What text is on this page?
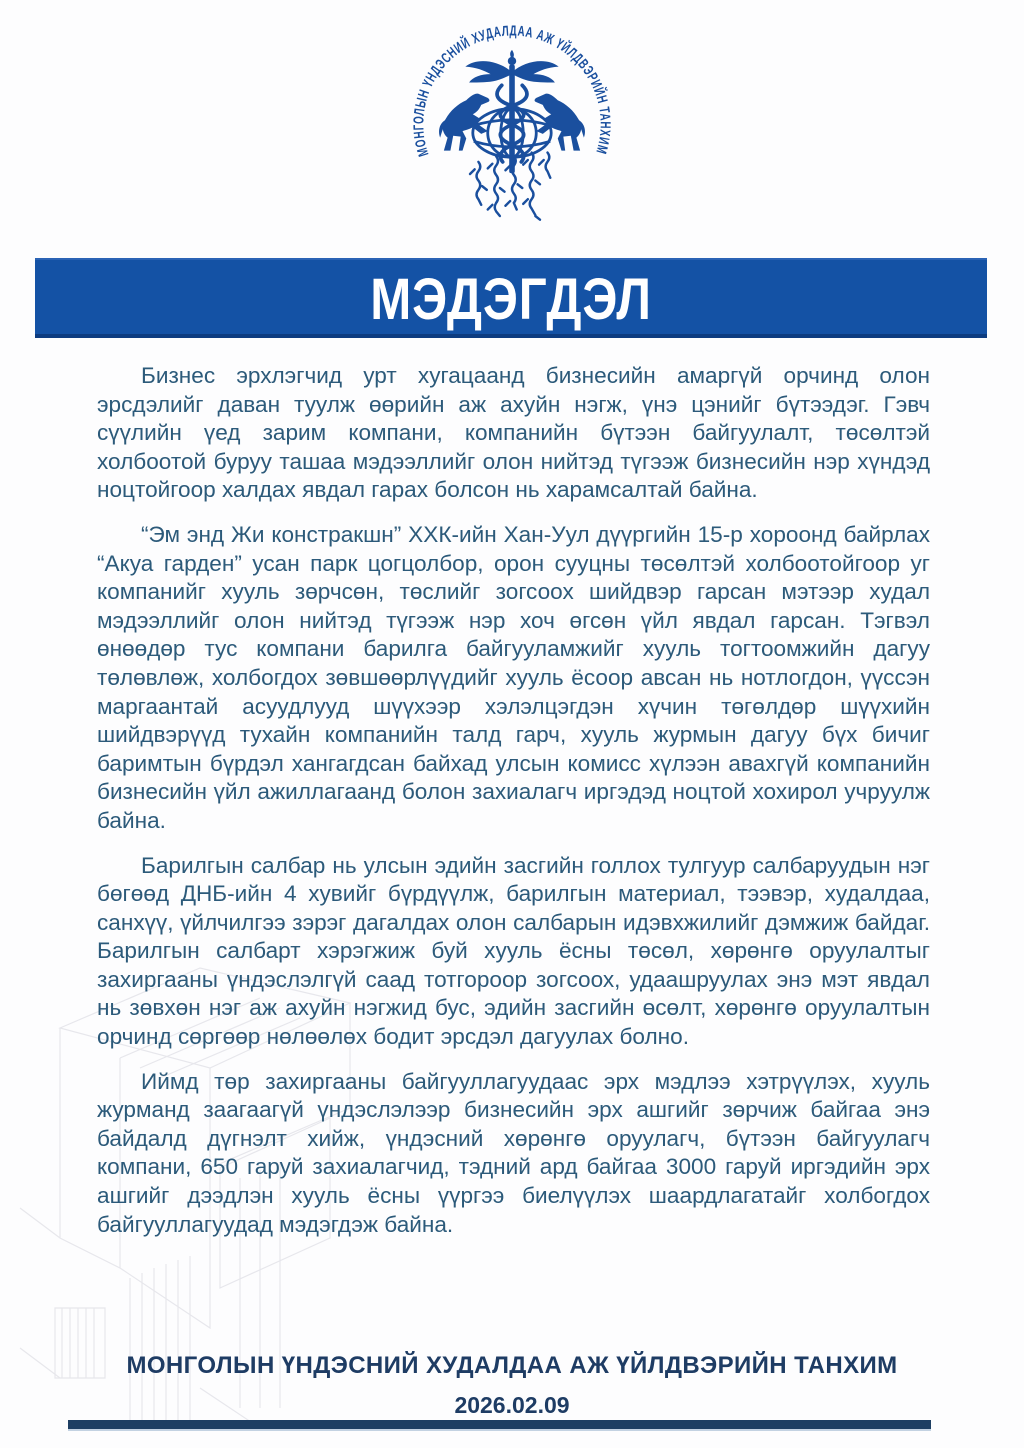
МОНГОЛЫН ҮНДЭСНИЙ ХУДАЛДАА АЖ ҮЙЛДВЭРИЙН ТАНХИМ
МЭДЭГДЭЛ

Бизнес эрхлэгчид урт хугацаанд бизнесийн амаргүй орчинд олон эрсдэлийг даван туулж өөрийн аж ахуйн нэгж, үнэ цэнийг бүтээдэг. Гэвч сүүлийн үед зарим компани, компанийн бүтээн байгуулалт, төсөлтэй холбоотой буруу ташаа мэдээллийг олон нийтэд түгээж бизнесийн нэр хүндэд ноцтойгоор халдах явдал гарах болсон нь харамсалтай байна.

“Эм энд Жи констракшн” ХХК-ийн Хан-Уул дүүргийн 15-р хороонд байрлах “Акуа гарден” усан парк цогцолбор, орон сууцны төсөлтэй холбоотойгоор уг компанийг хууль зөрчсөн, төслийг зогсоох шийдвэр гарсан мэтээр худал мэдээллийг олон нийтэд түгээж нэр хоч өгсөн үйл явдал гарсан. Тэгвэл өнөөдөр тус компани барилга байгууламжийг хууль тогтоомжийн дагуу төлөвлөж, холбогдох зөвшөөрлүүдийг хууль ёсоор авсан нь нотлогдон, үүссэн маргаантай асуудлууд шүүхээр хэлэлцэгдэн хүчин төгөлдөр шүүхийн шийдвэрүүд тухайн компанийн талд гарч, хууль журмын дагуу бүх бичиг баримтын бүрдэл хангагдсан байхад улсын комисс хүлээн авахгүй компанийн бизнесийн үйл ажиллагаанд болон захиалагч иргэдэд ноцтой хохирол учруулж байна.

Барилгын салбар нь улсын эдийн засгийн голлох тулгуур салбаруудын нэг бөгөөд ДНБ-ийн 4 хувийг бүрдүүлж, барилгын материал, тээвэр, худалдаа, санхүү, үйлчилгээ зэрэг дагалдах олон салбарын идэвхжилийг дэмжиж байдаг. Барилгын салбарт хэрэгжиж буй хууль ёсны төсөл, хөрөнгө оруулалтыг захиргааны үндэслэлгүй саад тотгороор зогсоох, удаашруулах энэ мэт явдал нь зөвхөн нэг аж ахуйн нэгжид бус, эдийн засгийн өсөлт, хөрөнгө оруулалтын орчинд сөргөөр нөлөөлөх бодит эрсдэл дагуулах болно.

Иймд төр захиргааны байгууллагуудаас эрх мэдлээ хэтрүүлэх, хууль журманд заагаагүй үндэслэлээр бизнесийн эрх ашгийг зөрчиж байгаа энэ байдалд дүгнэлт хийж, үндэсний хөрөнгө оруулагч, бүтээн байгуулагч компани, 650 гаруй захиалагчид, тэдний ард байгаа 3000 гаруй иргэдийн эрх ашгийг дээдлэн хууль ёсны үүргээ биелүүлэх шаардлагатайг холбогдох байгууллагуудад мэдэгдэж байна.

МОНГОЛЫН ҮНДЭСНИЙ ХУДАЛДАА АЖ ҮЙЛДВЭРИЙН ТАНХИМ
2026.02.09
